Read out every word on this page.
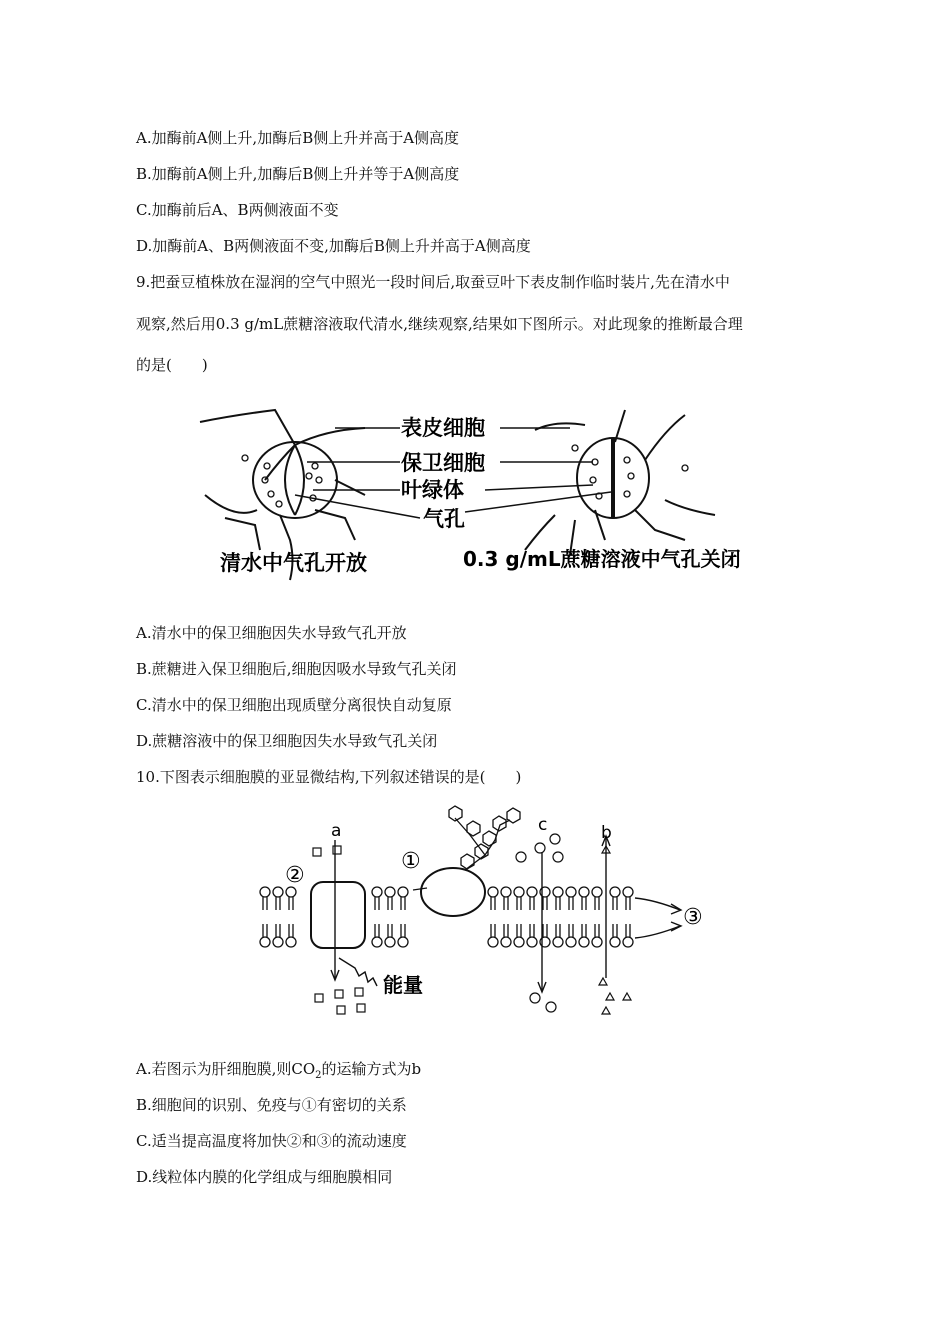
A.加酶前A侧上升,加酶后B侧上升并高于A侧高度
B.加酶前A侧上升,加酶后B侧上升并等于A侧高度
C.加酶前后A、B两侧液面不变
D.加酶前A、B两侧液面不变,加酶后B侧上升并高于A侧高度
9.把蚕豆植株放在湿润的空气中照光一段时间后,取蚕豆叶下表皮制作临时装片,先在清水中
观察,然后用0.3 g/mL蔗糖溶液取代清水,继续观察,结果如下图所示。对此现象的推断最合理
的是(　　)
表皮细胞
保卫细胞
叶绿体
气孔
清水中气孔开放	0.3 g/mL蔗糖溶液中气孔关闭
A.清水中的保卫细胞因失水导致气孔开放
B.蔗糖进入保卫细胞后,细胞因吸水导致气孔关闭
C.清水中的保卫细胞出现质壁分离很快自动复原
D.蔗糖溶液中的保卫细胞因失水导致气孔关闭
10.下图表示细胞膜的亚显微结构,下列叙述错误的是(　　)
a	c	b
①
②
③
能量
A.若图示为肝细胞膜,则$CO_2$的运输方式为b
B.细胞间的识别、免疫与①有密切的关系
C.适当提高温度将加快②和③的流动速度
D.线粒体内膜的化学组成与细胞膜相同
